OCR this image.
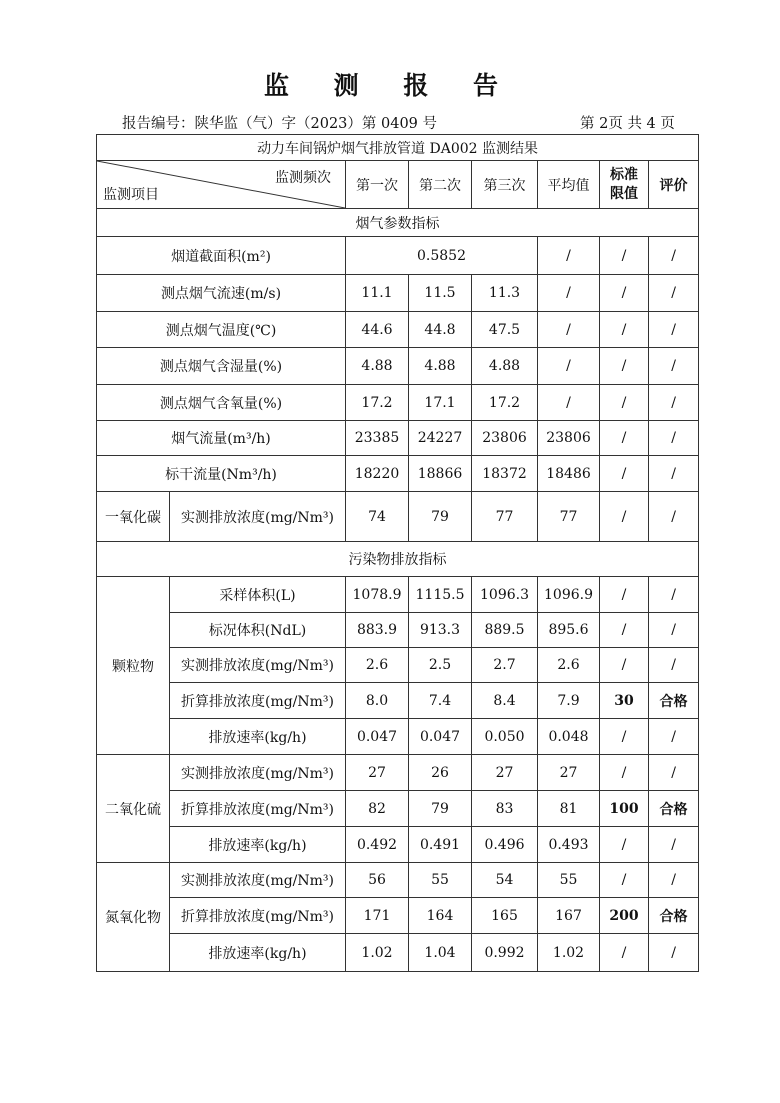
监 测 报 告
报告编号：陕华监（气）字（2023）第 0409 号	第 2页 共 4 页
动力车间锅炉烟气排放管道 DA002 监测结果							

监测频次
监测项目		第一次	第二次	第三次	平均值	标准限值	评价
烟气参数指标							
烟道截面积(m²)		0.5852			/	/	/
测点烟气流速(m/s)		11.1	11.5	11.3	/	/	/
测点烟气温度(℃)		44.6	44.8	47.5	/	/	/
测点烟气含湿量(%)		4.88	4.88	4.88	/	/	/
测点烟气含氧量(%)		17.2	17.1	17.2	/	/	/
烟气流量(m³/h)		23385	24227	23806	23806	/	/
标干流量(Nm³/h)		18220	18866	18372	18486	/	/
一氧化碳	实测排放浓度(mg/Nm³)	74	79	77	77	/	/
污染物排放指标							
颗粒物	采样体积(L)	1078.9	1115.5	1096.3	1096.9	/	/
	标况体积(NdL)	883.9	913.3	889.5	895.6	/	/
	实测排放浓度(mg/Nm³)	2.6	2.5	2.7	2.6	/	/
	折算排放浓度(mg/Nm³)	8.0	7.4	8.4	7.9	30	合格
	排放速率(kg/h)	0.047	0.047	0.050	0.048	/	/
二氧化硫	实测排放浓度(mg/Nm³)	27	26	27	27	/	/
	折算排放浓度(mg/Nm³)	82	79	83	81	100	合格
	排放速率(kg/h)	0.492	0.491	0.496	0.493	/	/
氮氧化物	实测排放浓度(mg/Nm³)	56	55	54	55	/	/
	折算排放浓度(mg/Nm³)	171	164	165	167	200	合格
	排放速率(kg/h)	1.02	1.04	0.992	1.02	/	/
